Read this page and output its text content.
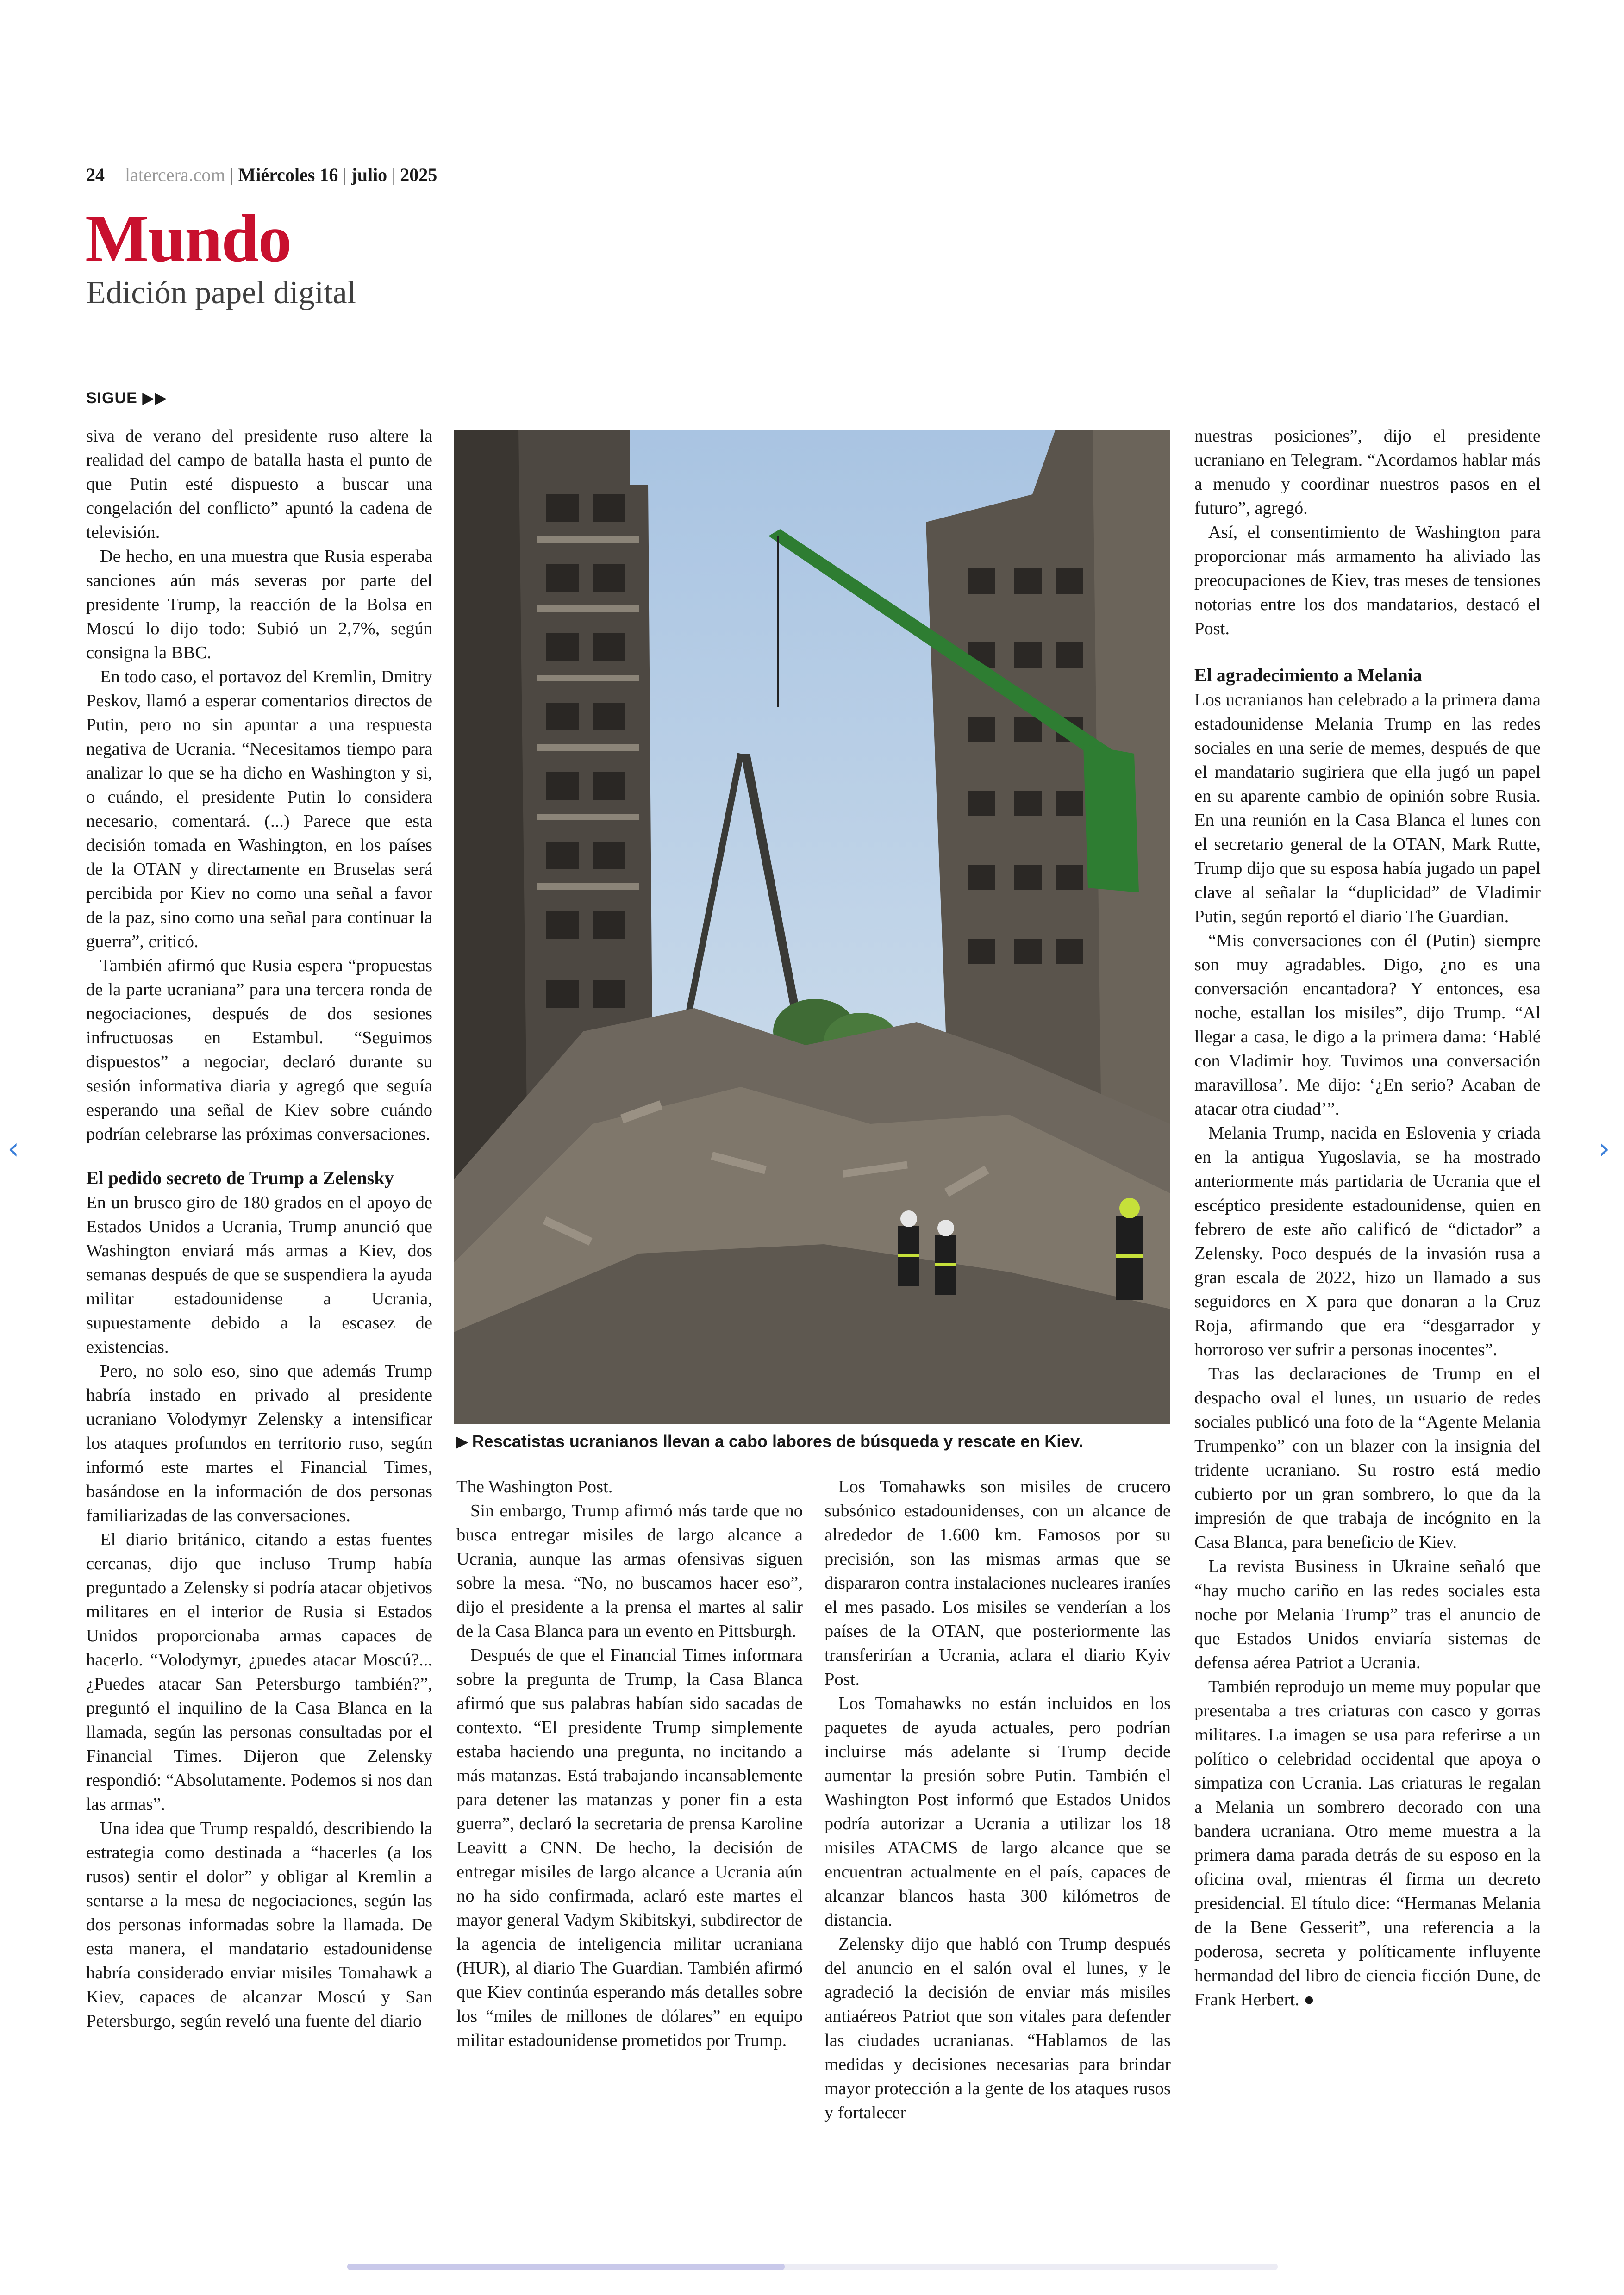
24 latercera.com | Miércoles 16 | julio | 2025
Mundo
Edición papel digital
SIGUE ▶▶

siva de verano del presidente ruso altere la realidad del campo de batalla hasta el punto de que Putin esté dispuesto a buscar una congelación del conflicto” apuntó la cadena de televisión.

De hecho, en una muestra que Rusia esperaba sanciones aún más severas por parte del presidente Trump, la reacción de la Bolsa en Moscú lo dijo todo: Subió un 2,7%, según consigna la BBC.

En todo caso, el portavoz del Kremlin, Dmitry Peskov, llamó a esperar comentarios directos de Putin, pero no sin apuntar a una respuesta negativa de Ucrania. “Necesitamos tiempo para analizar lo que se ha dicho en Washington y si, o cuándo, el presidente Putin lo considera necesario, comentará. (...) Parece que esta decisión tomada en Washington, en los países de la OTAN y directamente en Bruselas será percibida por Kiev no como una señal a favor de la paz, sino como una señal para continuar la guerra”, criticó.

También afirmó que Rusia espera “propuestas de la parte ucraniana” para una tercera ronda de negociaciones, después de dos sesiones infructuosas en Estambul. “Seguimos dispuestos” a negociar, declaró durante su sesión informativa diaria y agregó que seguía esperando una señal de Kiev sobre cuándo podrían celebrarse las próximas conversaciones.

El pedido secreto de Trump a Zelensky

En un brusco giro de 180 grados en el apoyo de Estados Unidos a Ucrania, Trump anunció que Washington enviará más armas a Kiev, dos semanas después de que se suspendiera la ayuda militar estadounidense a Ucrania, supuestamente debido a la escasez de existencias.

Pero, no solo eso, sino que además Trump habría instado en privado al presidente ucraniano Volodymyr Zelensky a intensificar los ataques profundos en territorio ruso, según informó este martes el Financial Times, basándose en la información de dos personas familiarizadas de las conversaciones.

El diario británico, citando a estas fuentes cercanas, dijo que incluso Trump había preguntado a Zelensky si podría atacar objetivos militares en el interior de Rusia si Estados Unidos proporcionaba armas capaces de hacerlo. “Volodymyr, ¿puedes atacar Moscú?... ¿Puedes atacar San Petersburgo también?”, preguntó el inquilino de la Casa Blanca en la llamada, según las personas consultadas por el Financial Times. Dijeron que Zelensky respondió: “Absolutamente. Podemos si nos dan las armas”.

Una idea que Trump respaldó, describiendo la estrategia como destinada a “hacerles (a los rusos) sentir el dolor” y obligar al Kremlin a sentarse a la mesa de negociaciones, según las dos personas informadas sobre la llamada. De esta manera, el mandatario estadounidense habría considerado enviar misiles Tomahawk a Kiev, capaces de alcanzar Moscú y San Petersburgo, según reveló una fuente del diario

▶ Rescatistas ucranianos llevan a cabo labores de búsqueda y rescate en Kiev.

The Washington Post.

Sin embargo, Trump afirmó más tarde que no busca entregar misiles de largo alcance a Ucrania, aunque las armas ofensivas siguen sobre la mesa. “No, no buscamos hacer eso”, dijo el presidente a la prensa el martes al salir de la Casa Blanca para un evento en Pittsburgh.

Después de que el Financial Times informara sobre la pregunta de Trump, la Casa Blanca afirmó que sus palabras habían sido sacadas de contexto. “El presidente Trump simplemente estaba haciendo una pregunta, no incitando a más matanzas. Está trabajando incansablemente para detener las matanzas y poner fin a esta guerra”, declaró la secretaria de prensa Karoline Leavitt a CNN. De hecho, la decisión de entregar misiles de largo alcance a Ucrania aún no ha sido confirmada, aclaró este martes el mayor general Vadym Skibitskyi, subdirector de la agencia de inteligencia militar ucraniana (HUR), al diario The Guardian. También afirmó que Kiev continúa esperando más detalles sobre los “miles de millones de dólares” en equipo militar estadounidense prometidos por Trump.

Los Tomahawks son misiles de crucero subsónico estadounidenses, con un alcance de alrededor de 1.600 km. Famosos por su precisión, son las mismas armas que se dispararon contra instalaciones nucleares iraníes el mes pasado. Los misiles se venderían a los países de la OTAN, que posteriormente las transferirían a Ucrania, aclara el diario Kyiv Post.

Los Tomahawks no están incluidos en los paquetes de ayuda actuales, pero podrían incluirse más adelante si Trump decide aumentar la presión sobre Putin. También el Washington Post informó que Estados Unidos podría autorizar a Ucrania a utilizar los 18 misiles ATACMS de largo alcance que se encuentran actualmente en el país, capaces de alcanzar blancos hasta 300 kilómetros de distancia.

Zelensky dijo que habló con Trump después del anuncio en el salón oval el lunes, y le agradeció la decisión de enviar más misiles antiaéreos Patriot que son vitales para defender las ciudades ucranianas. “Hablamos de las medidas y decisiones necesarias para brindar mayor protección a la gente de los ataques rusos y fortalecer

nuestras posiciones”, dijo el presidente ucraniano en Telegram. “Acordamos hablar más a menudo y coordinar nuestros pasos en el futuro”, agregó.

Así, el consentimiento de Washington para proporcionar más armamento ha aliviado las preocupaciones de Kiev, tras meses de tensiones notorias entre los dos mandatarios, destacó el Post.

El agradecimiento a Melania

Los ucranianos han celebrado a la primera dama estadounidense Melania Trump en las redes sociales en una serie de memes, después de que el mandatario sugiriera que ella jugó un papel en su aparente cambio de opinión sobre Rusia. En una reunión en la Casa Blanca el lunes con el secretario general de la OTAN, Mark Rutte, Trump dijo que su esposa había jugado un papel clave al señalar la “duplicidad” de Vladimir Putin, según reportó el diario The Guardian.

“Mis conversaciones con él (Putin) siempre son muy agradables. Digo, ¿no es una conversación encantadora? Y entonces, esa noche, estallan los misiles”, dijo Trump. “Al llegar a casa, le digo a la primera dama: ‘Hablé con Vladimir hoy. Tuvimos una conversación maravillosa’. Me dijo: ‘¿En serio? Acaban de atacar otra ciudad’”.

Melania Trump, nacida en Eslovenia y criada en la antigua Yugoslavia, se ha mostrado anteriormente más partidaria de Ucrania que el escéptico presidente estadounidense, quien en febrero de este año calificó de “dictador” a Zelensky. Poco después de la invasión rusa a gran escala de 2022, hizo un llamado a sus seguidores en X para que donaran a la Cruz Roja, afirmando que era “desgarrador y horroroso ver sufrir a personas inocentes”.

Tras las declaraciones de Trump en el despacho oval el lunes, un usuario de redes sociales publicó una foto de la “Agente Melania Trumpenko” con un blazer con la insignia del tridente ucraniano. Su rostro está medio cubierto por un gran sombrero, lo que da la impresión de que trabaja de incógnito en la Casa Blanca, para beneficio de Kiev.

La revista Business in Ukraine señaló que “hay mucho cariño en las redes sociales esta noche por Melania Trump” tras el anuncio de que Estados Unidos enviaría sistemas de defensa aérea Patriot a Ucrania.

También reprodujo un meme muy popular que presentaba a tres criaturas con casco y gorras militares. La imagen se usa para referirse a un político o celebridad occidental que apoya o simpatiza con Ucrania. Las criaturas le regalan a Melania un sombrero decorado con una bandera ucraniana. Otro meme muestra a la primera dama parada detrás de su esposo en la oficina oval, mientras él firma un decreto presidencial. El título dice: “Hermanas Melania de la Bene Gesserit”, una referencia a la poderosa, secreta y políticamente influyente hermandad del libro de ciencia ficción Dune, de Frank Herbert. ●

‹	›
